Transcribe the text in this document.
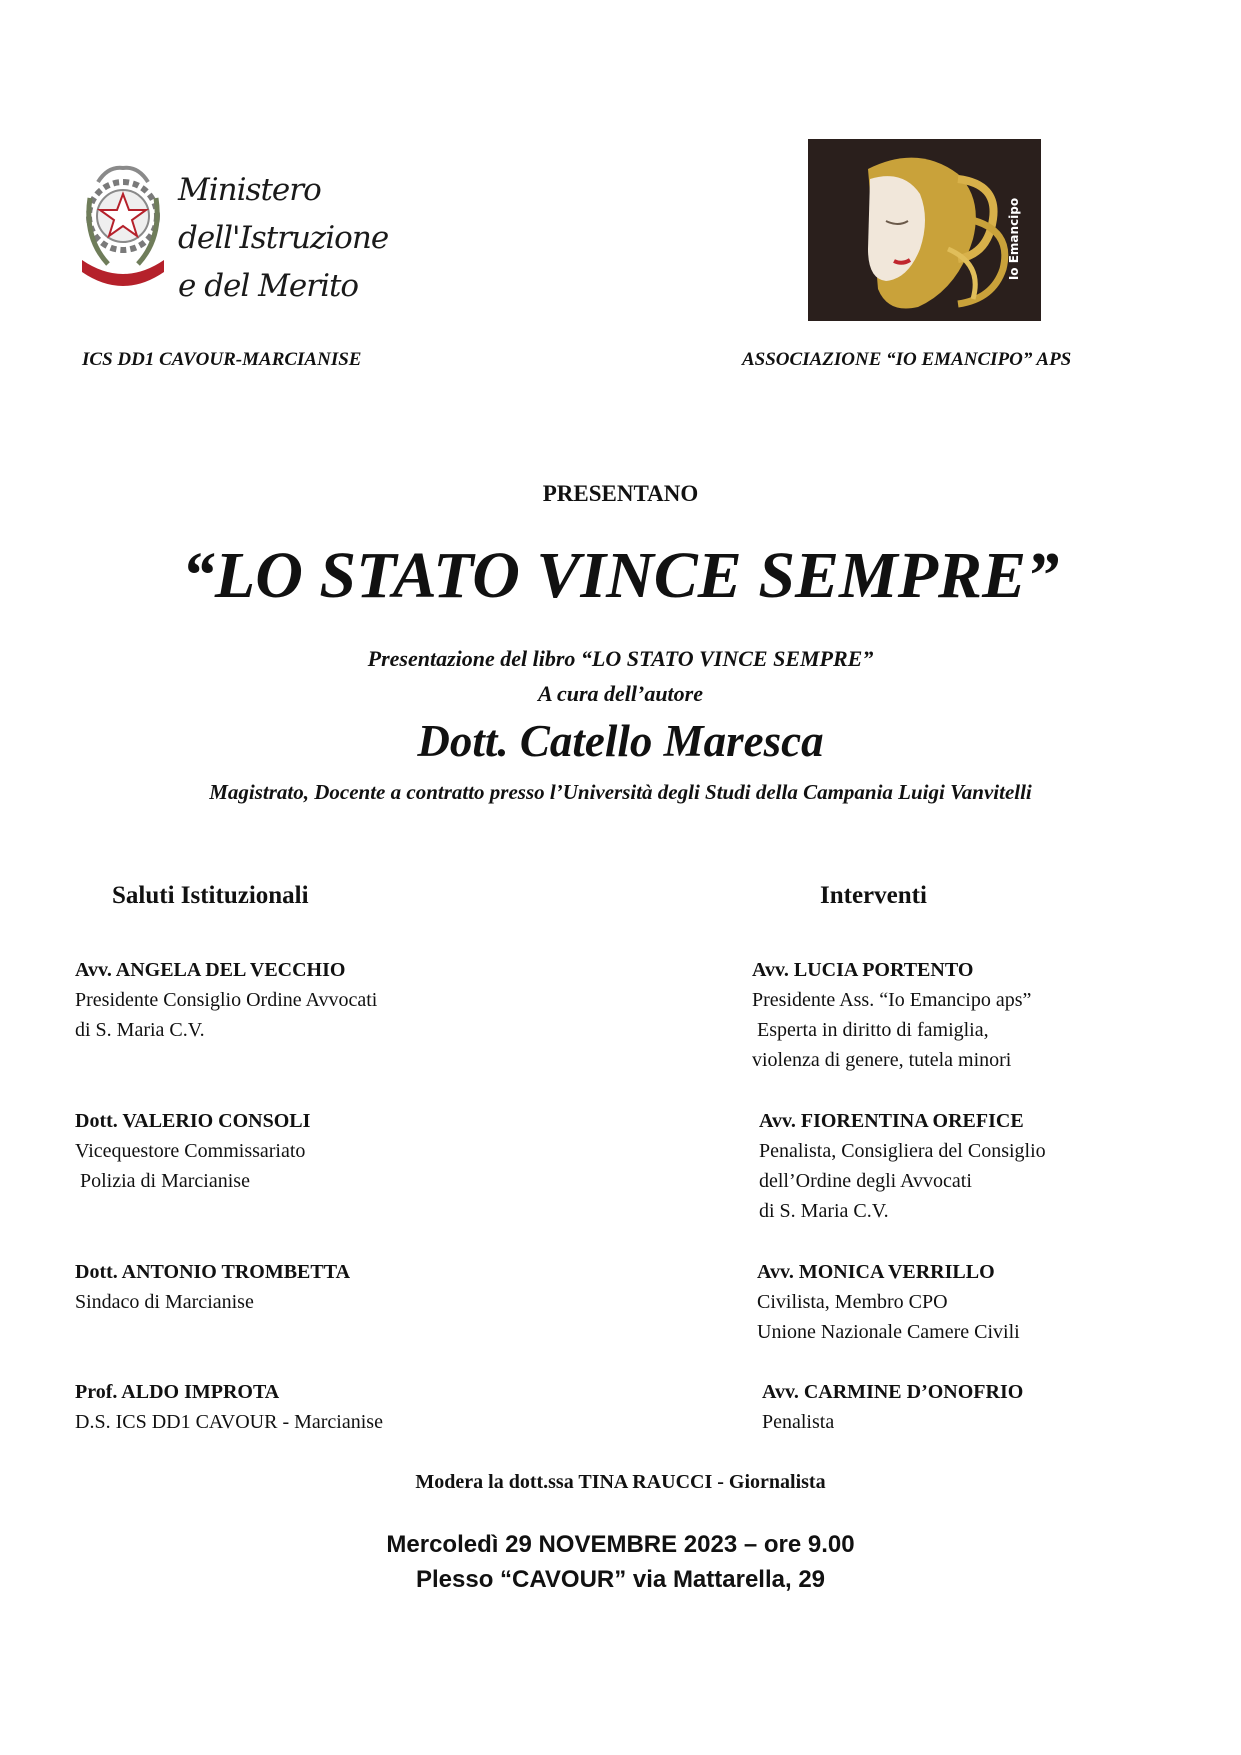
Ministero dell'Istruzione
e del Merito
Io Emancipo
ICS DD1 CAVOUR-MARCIANISE	ASSOCIAZIONE “IO EMANCIPO” APS
PRESENTANO
“LO STATO VINCE SEMPRE”
Presentazione del libro “LO STATO VINCE SEMPRE”
A cura dell’autore
Dott. Catello Maresca
Magistrato, Docente a contratto presso l’Università degli Studi della Campania Luigi Vanvitelli
Saluti Istituzionali	Interventi
Avv. ANGELA DEL VECCHIO
Presidente Consiglio Ordine Avvocati
di S. Maria C.V.
Dott. VALERIO CONSOLI
Vicequestore Commissariato
Polizia di Marcianise
Dott. ANTONIO TROMBETTA
Sindaco di Marcianise
Prof. ALDO IMPROTA
D.S. ICS DD1 CAVOUR - Marcianise
Avv. LUCIA PORTENTO
Presidente Ass. “Io Emancipo aps”
Esperta in diritto di famiglia,
violenza di genere, tutela minori
Avv. FIORENTINA OREFICE
Penalista, Consigliera del Consiglio
dell’Ordine degli Avvocati
di S. Maria C.V.
Avv. MONICA VERRILLO
Civilista, Membro CPO
Unione Nazionale Camere Civili
Avv. CARMINE D’ONOFRIO
Penalista
Modera la dott.ssa TINA RAUCCI - Giornalista
Mercoledì 29 NOVEMBRE 2023 – ore 9.00
Plesso “CAVOUR” via Mattarella, 29
